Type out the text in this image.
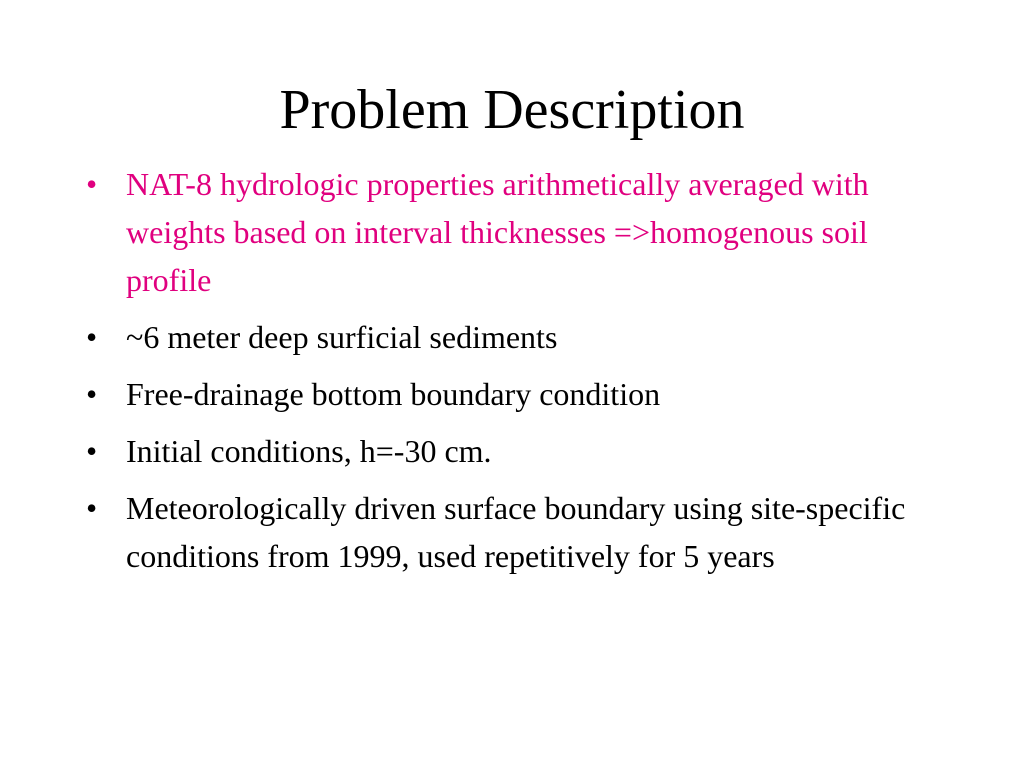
Problem Description
• NAT-8 hydrologic properties arithmetically averaged with weights based on interval thicknesses =>homogenous soil profile
• ~6 meter deep surficial sediments
• Free-drainage bottom boundary condition
• Initial conditions, h=-30 cm.
• Meteorologically driven surface boundary using site-specific conditions from 1999, used repetitively for 5 years
